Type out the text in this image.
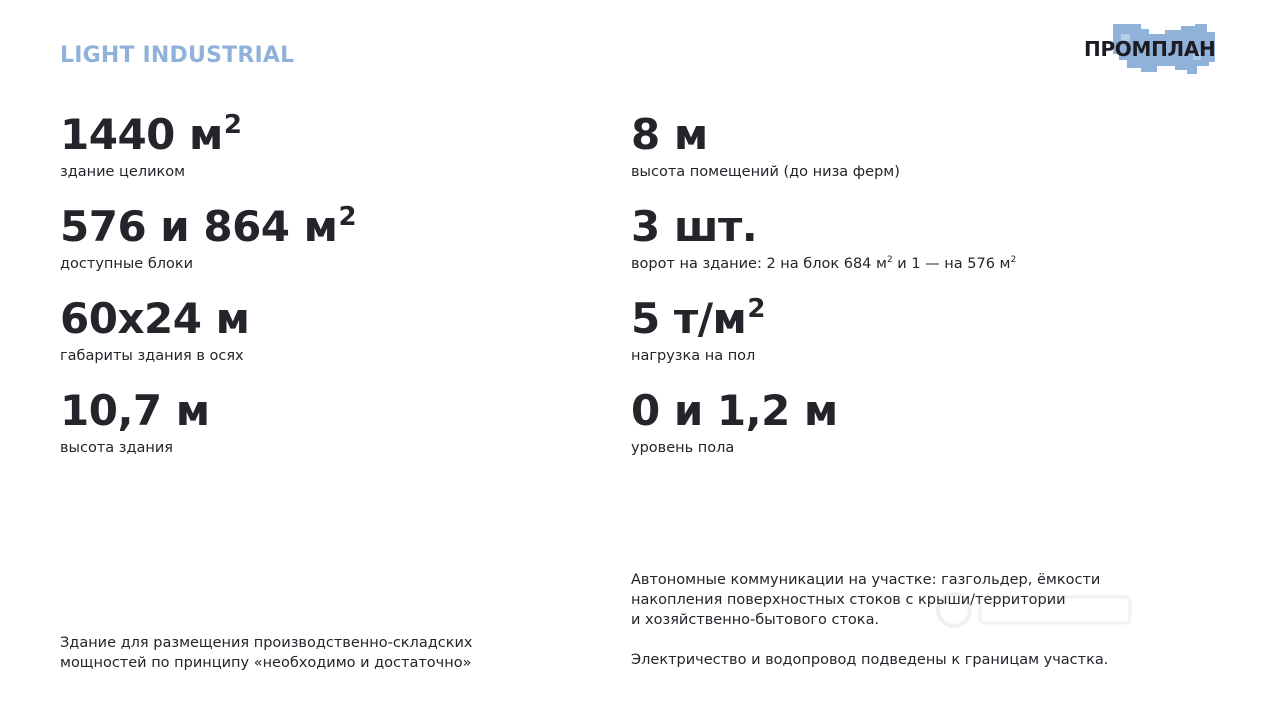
LIGHT INDUSTRIAL	ПРОМПЛАН
1440 $м^2$
здание целиком
576 и 864 $м^2$
доступные блоки
60х24 м
габариты здания в осях
10,7 м
высота здания
8 м
высота помещений (до низа ферм)
3 шт.
ворот на здание: 2 на блок 684 $м^2$ и 1 — на 576 $м^2$
5 $т/м^2$
нагрузка на пол
0 и 1,2 м
уровень пола
Здание для размещения производственно-складских
мощностей по принципу «необходимо и достаточно»
Автономные коммуникации на участке: газгольдер, ёмкости
накопления поверхностных стоков с крыши/территории
и хозяйственно-бытового стока.
Электричество и водопровод подведены к границам участка.
